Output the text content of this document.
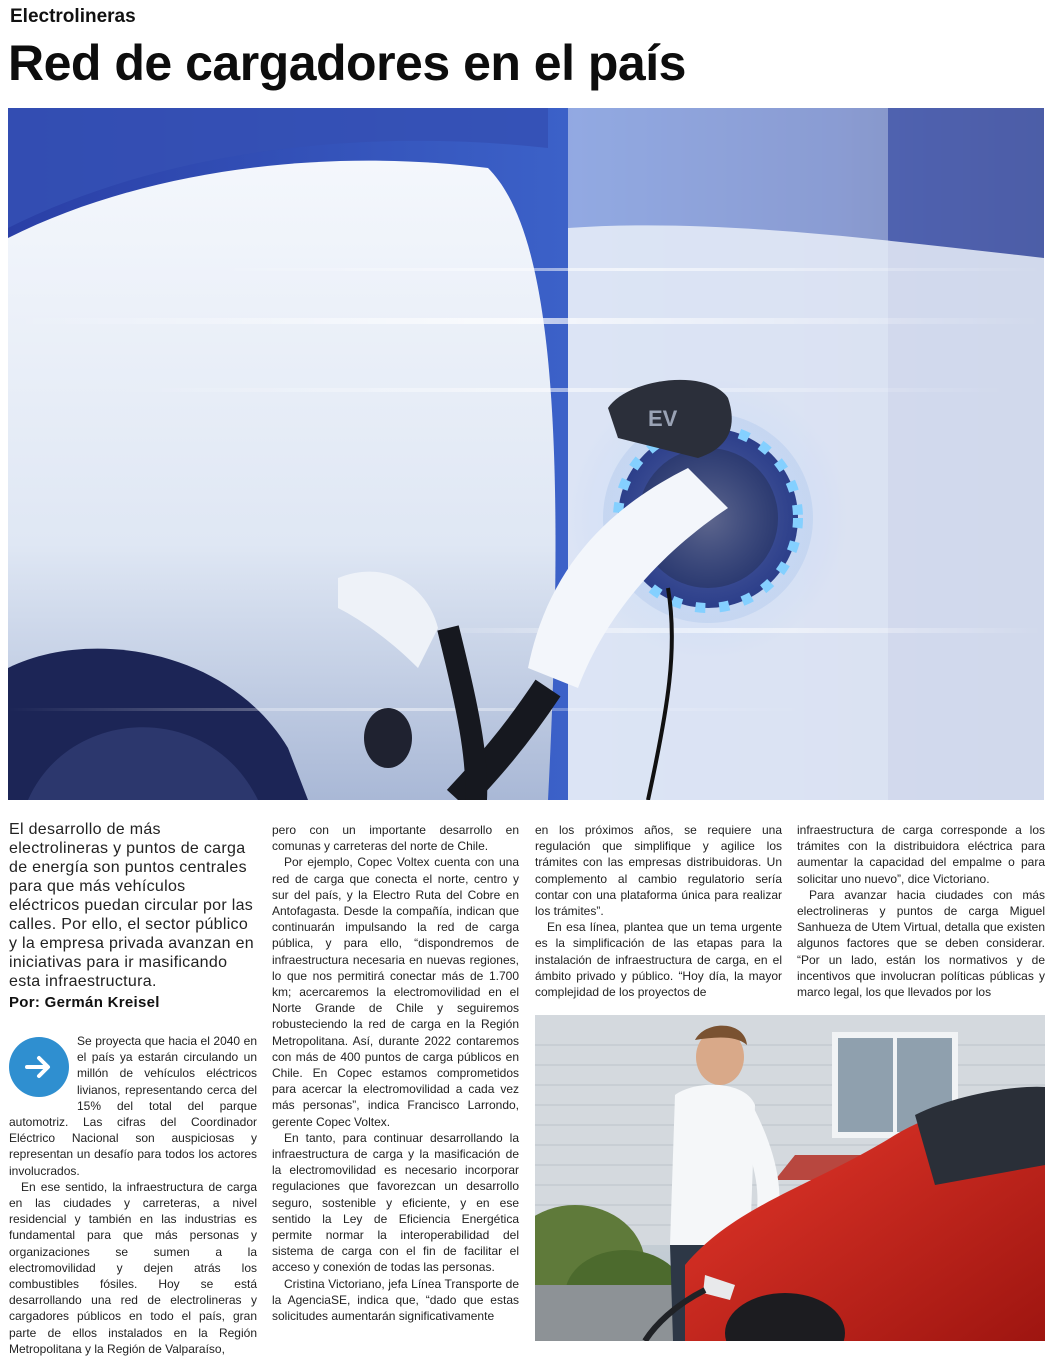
Electrolineras
Red de cargadores en el país
EV
El desarrollo de más electrolineras y puntos de carga de energía son puntos centrales para que más vehículos eléctricos puedan circular por las calles. Por ello, el sector público y la empresa privada avanzan en iniciativas para ir masificando esta infraestructura.
Por: Germán Kreisel

Se proyecta que hacia el 2040 en el país ya estarán circulando un millón de vehículos eléctricos livianos, representando cerca del 15% del total del parque automotriz. Las cifras del Coordinador Eléctrico Nacional son auspiciosas y representan un desafío para todos los actores involucrados.

En ese sentido, la infraestructura de carga en las ciudades y carreteras, a nivel residencial y también en las industrias es fundamental para que más personas y organizaciones se sumen a la electromovilidad y dejen atrás los combustibles fósiles. Hoy se está desarrollando una red de electrolineras y cargadores públicos en todo el país, gran parte de ellos instalados en la Región Metropolitana y la Región de Valparaíso,

pero con un importante desarrollo en comunas y carreteras del norte de Chile.

Por ejemplo, Copec Voltex cuenta con una red de carga que conecta el norte, centro y sur del país, y la Electro Ruta del Cobre en Antofagasta. Desde la compañía, indican que continuarán impulsando la red de carga pública, y para ello, “dispondremos de infraestructura necesaria en nuevas regiones, lo que nos permitirá conectar más de 1.700 km; acercaremos la electromovilidad en el Norte Grande de Chile y seguiremos robusteciendo la red de carga en la Región Metropolitana. Así, durante 2022 contaremos con más de 400 puntos de carga públicos en Chile. En Copec estamos comprometidos para acercar la electromovilidad a cada vez más personas”, indica Francisco Larrondo, gerente Copec Voltex.

En tanto, para continuar desarrollando la infraestructura de carga y la masificación de la electromovilidad es necesario incorporar regulaciones que favorezcan un desarrollo seguro, sostenible y eficiente, y en ese sentido la Ley de Eficiencia Energética permite normar la interoperabilidad del sistema de carga con el fin de facilitar el acceso y conexión de todas las personas.

Cristina Victoriano, jefa Línea Transporte de la AgenciaSE, indica que, “dado que estas solicitudes aumentarán significativamente

en los próximos años, se requiere una regulación que simplifique y agilice los trámites con las empresas distribuidoras. Un complemento al cambio regulatorio sería contar con una plataforma única para realizar los trámites”.

En esa línea, plantea que un tema urgente es la simplificación de las etapas para la instalación de infraestructura de carga, en el ámbito privado y público. “Hoy día, la mayor complejidad de los proyectos de

infraestructura de carga corresponde a los trámites con la distribuidora eléctrica para aumentar la capacidad del empalme o para solicitar uno nuevo”, dice Victoriano.

Para avanzar hacia ciudades con más electrolineras y puntos de carga Miguel Sanhueza de Utem Virtual, detalla que existen algunos factores que se deben considerar. “Por un lado, están los normativos y de incentivos que involucran políticas públicas y marco legal, los que llevados por los
